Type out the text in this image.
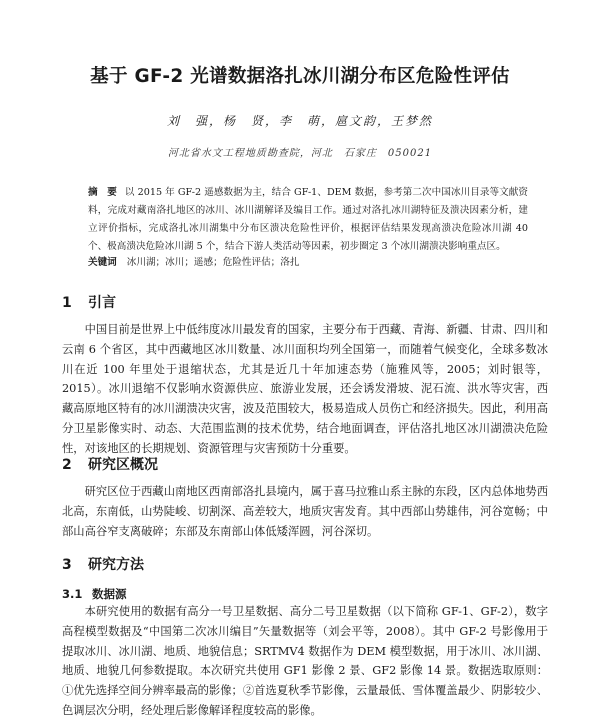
基于 GF-2 光谱数据洛扎冰川湖分布区危险性评估
刘　强，杨　贤，李　萌，扈文韵，王梦然
河北省水文工程地质勘查院，河北　石家庄　050021
摘　要 以 2015 年 GF-2 遥感数据为主，结合 GF-1、DEM 数据，参考第二次中国冰川目录等文献资料，完成对藏南洛扎地区的冰川、冰川湖解译及编目工作。通过对洛扎冰川湖特征及溃决因素分析，建立评价指标，完成洛扎冰川湖集中分布区溃决危险性评价，根据评估结果发现高溃决危险冰川湖 40 个、极高溃决危险冰川湖 5 个，结合下游人类活动等因素，初步圈定 3 个冰川湖溃决影响重点区。
关键词 冰川湖；冰川；遥感；危险性评估；洛扎
1 引言

中国目前是世界上中低纬度冰川最发育的国家，主要分布于西藏、青海、新疆、甘肃、四川和云南 6 个省区，其中西藏地区冰川数量、冰川面积均列全国第一，而随着气候变化，全球多数冰川在近 100 年里处于退缩状态，尤其是近几十年加速态势（施雅风等，2005；刘时银等，2015）。冰川退缩不仅影响水资源供应、旅游业发展，还会诱发滑坡、泥石流、洪水等灾害，西藏高原地区特有的冰川湖溃决灾害，波及范围较大，极易造成人员伤亡和经济损失。因此，利用高分卫星影像实时、动态、大范围监测的技术优势，结合地面调查，评估洛扎地区冰川湖溃决危险性，对该地区的长期规划、资源管理与灾害预防十分重要。

2 研究区概况

研究区位于西藏山南地区西南部洛扎县境内，属于喜马拉雅山系主脉的东段，区内总体地势西北高，东南低，山势陡峻、切割深、高差较大，地质灾害发育。其中西部山势雄伟，河谷宽畅；中部山高谷窄支离破碎；东部及东南部山体低矮浑圆，河谷深切。

3 研究方法
3.1 数据源

本研究使用的数据有高分一号卫星数据、高分二号卫星数据（以下简称 GF-1、GF-2），数字高程模型数据及“中国第二次冰川编目”矢量数据等（刘会平等，2008）。其中 GF-2 号影像用于提取冰川、冰川湖、地质、地貌信息；SRTMV4 数据作为 DEM 模型数据，用于冰川、冰川湖、地质、地貌几何参数提取。本次研究共使用 GF1 影像 2 景、GF2 影像 14 景。数据选取原则：①优先选择空间分辨率最高的影像；②首选夏秋季节影像，云量最低、雪体覆盖最少、阴影较少、色调层次分明，经处理后影像解译程度较高的影像。
